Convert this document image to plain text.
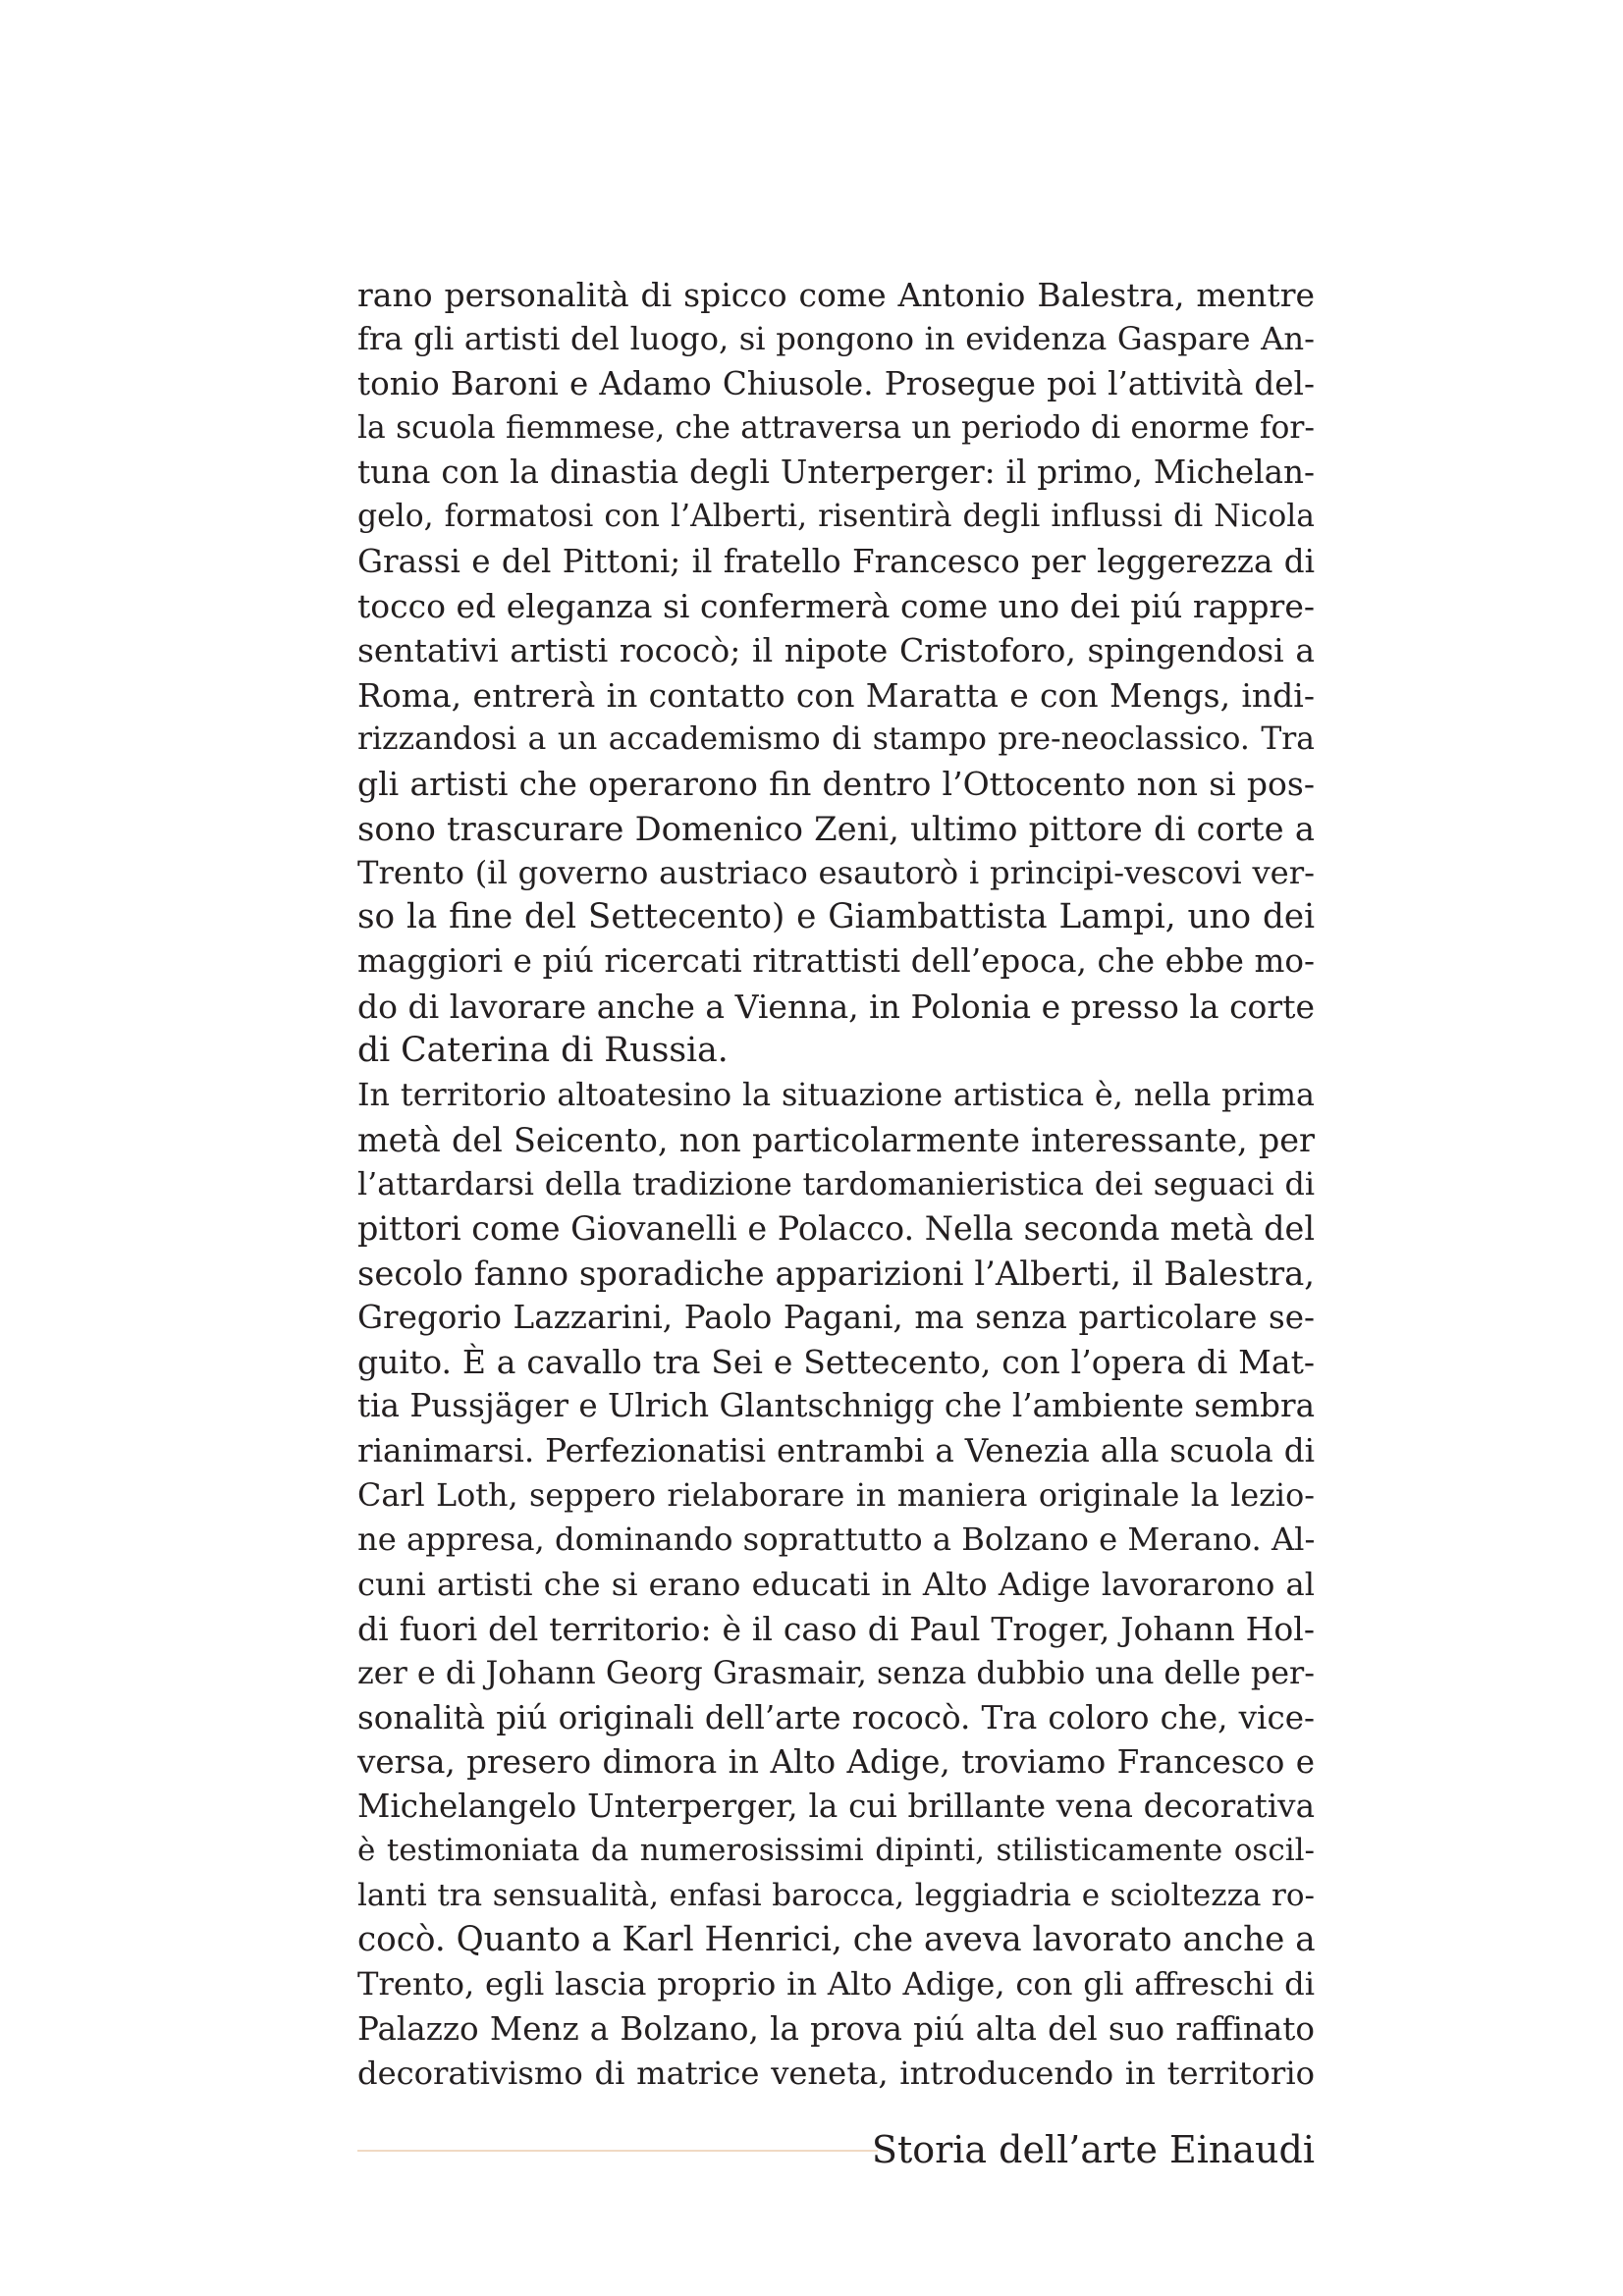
rano personalità di spicco come Antonio Balestra, mentre
fra gli artisti del luogo, si pongono in evidenza Gaspare An-
tonio Baroni e Adamo Chiusole. Prosegue poi l’attività del-
la scuola fiemmese, che attraversa un periodo di enorme for-
tuna con la dinastia degli Unterperger: il primo, Michelan-
gelo, formatosi con l’Alberti, risentirà degli influssi di Nicola
Grassi e del Pittoni; il fratello Francesco per leggerezza di
tocco ed eleganza si confermerà come uno dei piú rappre-
sentativi artisti rococò; il nipote Cristoforo, spingendosi a
Roma, entrerà in contatto con Maratta e con Mengs, indi-
rizzandosi a un accademismo di stampo pre-neoclassico. Tra
gli artisti che operarono fin dentro l’Ottocento non si pos-
sono trascurare Domenico Zeni, ultimo pittore di corte a
Trento (il governo austriaco esautorò i principi-vescovi ver-
so la fine del Settecento) e Giambattista Lampi, uno dei
maggiori e piú ricercati ritrattisti dell’epoca, che ebbe mo-
do di lavorare anche a Vienna, in Polonia e presso la corte
di Caterina di Russia.
In territorio altoatesino la situazione artistica è, nella prima
metà del Seicento, non particolarmente interessante, per
l’attardarsi della tradizione tardomanieristica dei seguaci di
pittori come Giovanelli e Polacco. Nella seconda metà del
secolo fanno sporadiche apparizioni l’Alberti, il Balestra,
Gregorio Lazzarini, Paolo Pagani, ma senza particolare se-
guito. È a cavallo tra Sei e Settecento, con l’opera di Mat-
tia Pussjäger e Ulrich Glantschnigg che l’ambiente sembra
rianimarsi. Perfezionatisi entrambi a Venezia alla scuola di
Carl Loth, seppero rielaborare in maniera originale la lezio-
ne appresa, dominando soprattutto a Bolzano e Merano. Al-
cuni artisti che si erano educati in Alto Adige lavorarono al
di fuori del territorio: è il caso di Paul Troger, Johann Hol-
zer e di Johann Georg Grasmair, senza dubbio una delle per-
sonalità piú originali dell’arte rococò. Tra coloro che, vice-
versa, presero dimora in Alto Adige, troviamo Francesco e
Michelangelo Unterperger, la cui brillante vena decorativa
è testimoniata da numerosissimi dipinti, stilisticamente oscil-
lanti tra sensualità, enfasi barocca, leggiadria e scioltezza ro-
cocò. Quanto a Karl Henrici, che aveva lavorato anche a
Trento, egli lascia proprio in Alto Adige, con gli affreschi di
Palazzo Menz a Bolzano, la prova piú alta del suo raffinato
decorativismo di matrice veneta, introducendo in territorio
Storia dell’arte Einaudi
